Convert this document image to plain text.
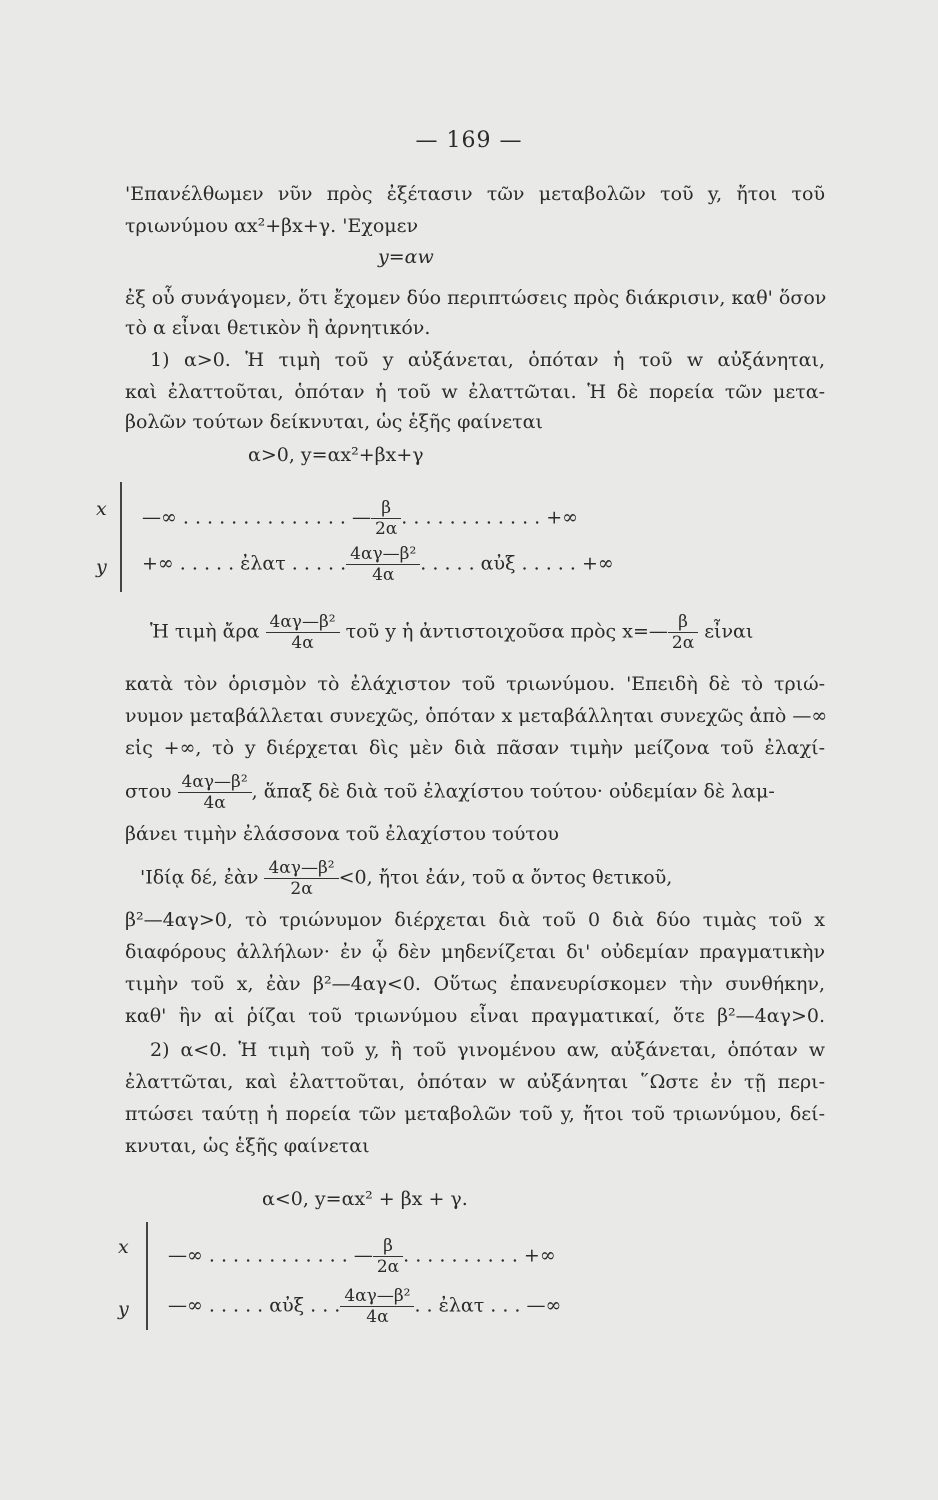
— 169 —
'Επανέλθωμεν νῦν πρὸς ἐξέτασιν τῶν μεταβολῶν τοῦ y, ἤτοι τοῦ
τριωνύμου αx²+βx+γ. 'Εχομεν
y=αw
ἐξ οὗ συνάγομεν, ὅτι ἔχομεν δύο περιπτώσεις πρὸς διάκρισιν, καθ' ὅσον
τὸ α εἶναι θετικὸν ἢ ἀρνητικόν.
1) α>0. Ἡ τιμὴ τοῦ y αὐξάνεται, ὁπόταν ἡ τοῦ w αὐξάνηται,
καὶ ἐλαττοῦται, ὁπόταν ἡ τοῦ w ἐλαττῶται. Ἡ δὲ πορεία τῶν μετα-
βολῶν τούτων δείκνυται, ὡς ἑξῆς φαίνεται
α>0, y=αx²+βx+γ
x —∞ . . . . . . . . . . . . . . — $\frac{\beta}{2\alpha}$ . . . . . . . . . . . . +∞
y +∞ . . . . . ἐλατ . . . . . $\frac{\text{4αγ—β²}}{4\alpha}$ . . . . . αὐξ . . . . . +∞
Ἡ τιμὴ ἄρα $\frac{\text{4αγ—β²}}{4\alpha}$ τοῦ y ἡ ἀντιστοιχοῦσα πρὸς x=— $\frac{\beta}{2\alpha}$ εἶναι
κατὰ τὸν ὁρισμὸν τὸ ἐλάχιστον τοῦ τριωνύμου. 'Επειδὴ δὲ τὸ τριώ-
νυμον μεταβάλλεται συνεχῶς, ὁπόταν x μεταβάλληται συνεχῶς ἀπὸ —∞
εἰς +∞, τὸ y διέρχεται δὶς μὲν διὰ πᾶσαν τιμὴν μείζονα τοῦ ἐλαχί-
στου $\frac{\text{4αγ—β²}}{4\alpha}$ , ἅπαξ δὲ διὰ τοῦ ἐλαχίστου τούτου· οὐδεμίαν δὲ λαμ-
βάνει τιμὴν ἐλάσσονα τοῦ ἐλαχίστου τούτου
'Ιδίᾳ δέ, ἐὰν $\frac{\text{4αγ—β²}}{2\alpha} <0$, ἤτοι ἐάν, τοῦ α ὄντος θετικοῦ,
β²—4αγ>0, τὸ τριώνυμον διέρχεται διὰ τοῦ 0 διὰ δύο τιμὰς τοῦ x
διαφόρους ἀλλήλων· ἐν ᾧ δὲν μηδενίζεται δι' οὐδεμίαν πραγματικὴν
τιμὴν τοῦ x, ἐὰν β²—4αγ<0. Οὕτως ἐπανευρίσκομεν τὴν συνθήκην,
καθ' ἣν αἱ ῥίζαι τοῦ τριωνύμου εἶναι πραγματικαί, ὅτε β²—4αγ>0.
2) α<0. Ἡ τιμὴ τοῦ y, ἢ τοῦ γινομένου αw, αὐξάνεται, ὁπόταν w
ἐλαττῶται, καὶ ἐλαττοῦται, ὁπόταν w αὐξάνηται ῞Ωστε ἐν τῇ περι-
πτώσει ταύτῃ ἡ πορεία τῶν μεταβολῶν τοῦ y, ἤτοι τοῦ τριωνύμου, δεί-
κνυται, ὡς ἑξῆς φαίνεται
α<0, y=αx² + βx + γ.
x —∞ . . . . . . . . . . . . — $\frac{\beta}{2\alpha}$ . . . . . . . . . . +∞
y —∞ . . . . . αὐξ . . . $\frac{\text{4αγ—β²}}{4\alpha}$ . . ἐλατ . . . —∞
